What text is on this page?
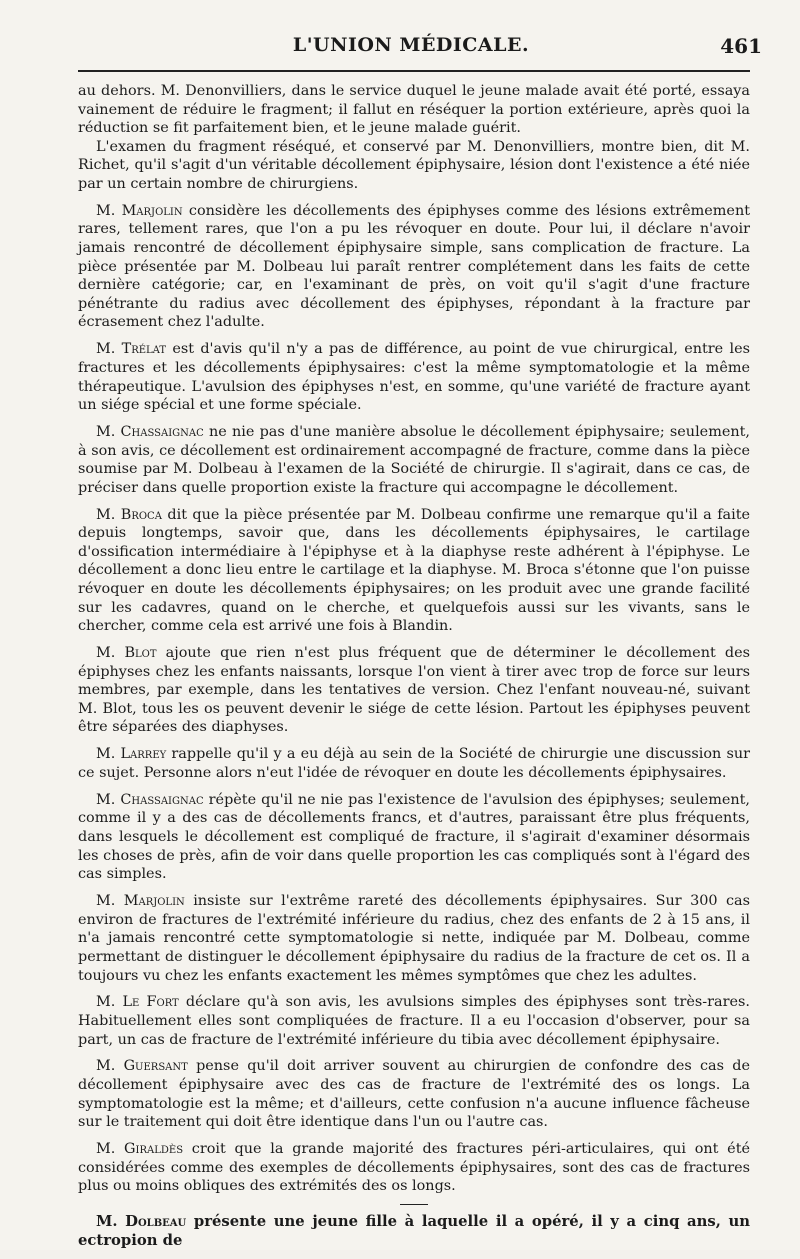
L'UNION MÉDICALE.	461

au dehors. M. Denonvilliers, dans le service duquel le jeune malade avait été porté, essaya vainement de réduire le fragment; il fallut en réséquer la portion extérieure, après quoi la réduction se fit parfaitement bien, et le jeune malade guérit.

L'examen du fragment réséqué, et conservé par M. Denonvilliers, montre bien, dit M. Richet, qu'il s'agit d'un véritable décollement épiphysaire, lésion dont l'existence a été niée par un certain nombre de chirurgiens.

M. Marjolin considère les décollements des épiphyses comme des lésions extrêmement rares, tellement rares, que l'on a pu les révoquer en doute. Pour lui, il déclare n'avoir jamais rencontré de décollement épiphysaire simple, sans complication de fracture. La pièce présentée par M. Dolbeau lui paraît rentrer complétement dans les faits de cette dernière catégorie; car, en l'examinant de près, on voit qu'il s'agit d'une fracture pénétrante du radius avec décollement des épiphyses, répondant à la fracture par écrasement chez l'adulte.

M. Trélat est d'avis qu'il n'y a pas de différence, au point de vue chirurgical, entre les fractures et les décollements épiphysaires: c'est la même symptomatologie et la même thérapeutique. L'avulsion des épiphyses n'est, en somme, qu'une variété de fracture ayant un siége spécial et une forme spéciale.

M. Chassaignac ne nie pas d'une manière absolue le décollement épiphysaire; seulement, à son avis, ce décollement est ordinairement accompagné de fracture, comme dans la pièce soumise par M. Dolbeau à l'examen de la Société de chirurgie. Il s'agirait, dans ce cas, de préciser dans quelle proportion existe la fracture qui accompagne le décollement.

M. Broca dit que la pièce présentée par M. Dolbeau confirme une remarque qu'il a faite depuis longtemps, savoir que, dans les décollements épiphysaires, le cartilage d'ossification intermédiaire à l'épiphyse et à la diaphyse reste adhérent à l'épiphyse. Le décollement a donc lieu entre le cartilage et la diaphyse. M. Broca s'étonne que l'on puisse révoquer en doute les décollements épiphysaires; on les produit avec une grande facilité sur les cadavres, quand on le cherche, et quelquefois aussi sur les vivants, sans le chercher, comme cela est arrivé une fois à Blandin.

M. Blot ajoute que rien n'est plus fréquent que de déterminer le décollement des épiphyses chez les enfants naissants, lorsque l'on vient à tirer avec trop de force sur leurs membres, par exemple, dans les tentatives de version. Chez l'enfant nouveau-né, suivant M. Blot, tous les os peuvent devenir le siége de cette lésion. Partout les épiphyses peuvent être séparées des diaphyses.

M. Larrey rappelle qu'il y a eu déjà au sein de la Société de chirurgie une discussion sur ce sujet. Personne alors n'eut l'idée de révoquer en doute les décollements épiphysaires.

M. Chassaignac répète qu'il ne nie pas l'existence de l'avulsion des épiphyses; seulement, comme il y a des cas de décollements francs, et d'autres, paraissant être plus fréquents, dans lesquels le décollement est compliqué de fracture, il s'agirait d'examiner désormais les choses de près, afin de voir dans quelle proportion les cas compliqués sont à l'égard des cas simples.

M. Marjolin insiste sur l'extrême rareté des décollements épiphysaires. Sur 300 cas environ de fractures de l'extrémité inférieure du radius, chez des enfants de 2 à 15 ans, il n'a jamais rencontré cette symptomatologie si nette, indiquée par M. Dolbeau, comme permettant de distinguer le décollement épiphysaire du radius de la fracture de cet os. Il a toujours vu chez les enfants exactement les mêmes symptômes que chez les adultes.

M. Le Fort déclare qu'à son avis, les avulsions simples des épiphyses sont très-rares. Habituellement elles sont compliquées de fracture. Il a eu l'occasion d'observer, pour sa part, un cas de fracture de l'extrémité inférieure du tibia avec décollement épiphysaire.

M. Guersant pense qu'il doit arriver souvent au chirurgien de confondre des cas de décollement épiphysaire avec des cas de fracture de l'extrémité des os longs. La symptomatologie est la même; et d'ailleurs, cette confusion n'a aucune influence fâcheuse sur le traitement qui doit être identique dans l'un ou l'autre cas.

M. Giraldès croit que la grande majorité des fractures péri-articulaires, qui ont été considérées comme des exemples de décollements épiphysaires, sont des cas de fractures plus ou moins obliques des extrémités des os longs.

M. Dolbeau présente une jeune fille à laquelle il a opéré, il y a cinq ans, un ectropion de
